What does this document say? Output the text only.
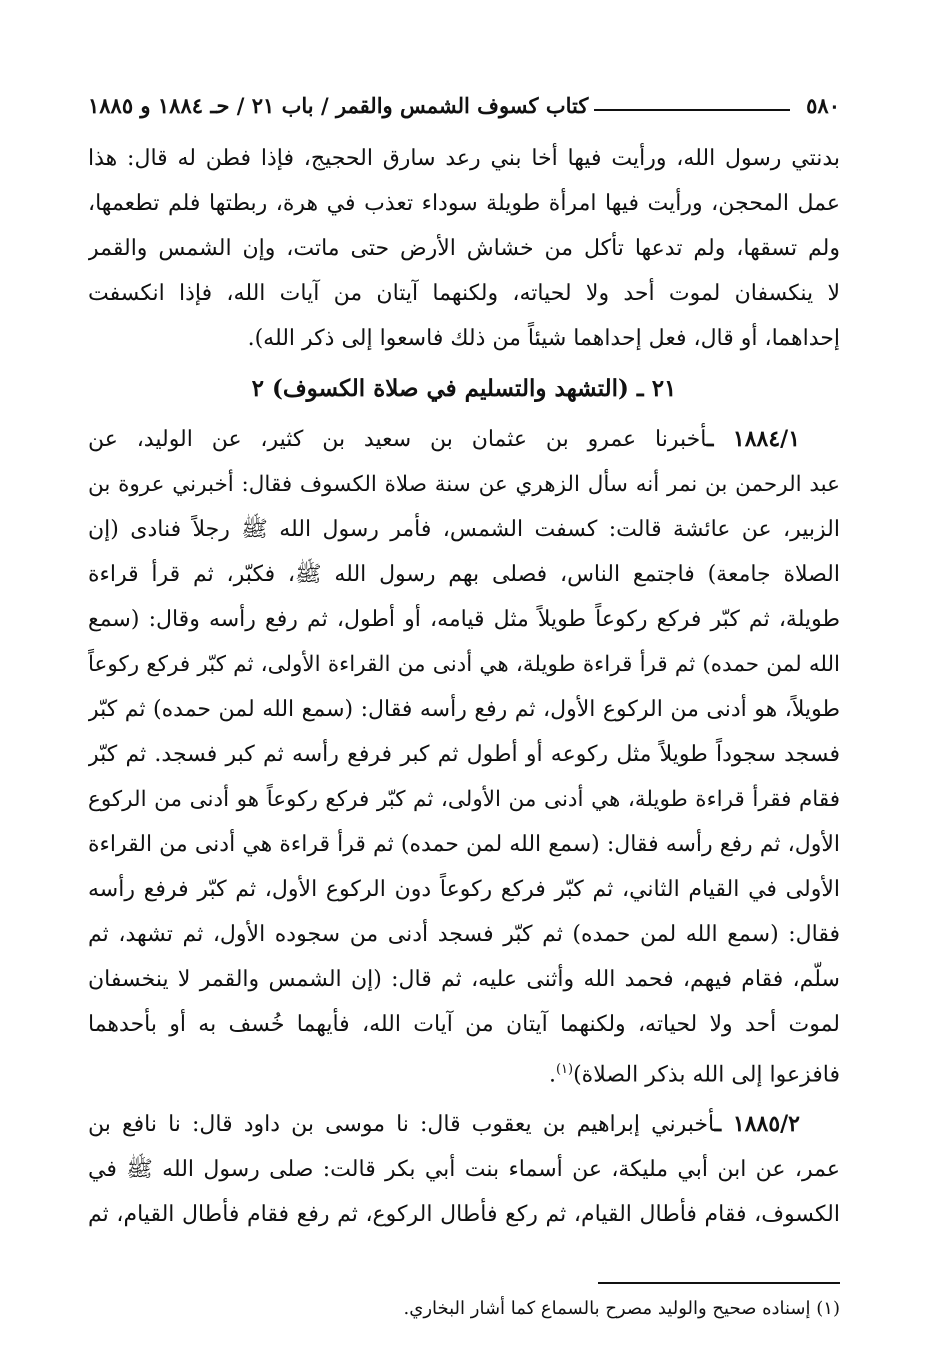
٥٨٠
كتاب كسوف الشمس والقمر / باب ٢١ / حـ ١٨٨٤ و ١٨٨٥
بدنتي رسول الله، ورأيت فيها أخا بني رعد سارق الحجيج، فإذا فطن له قال: هذا
عمل المحجن، ورأيت فيها امرأة طويلة سوداء تعذب في هرة، ربطتها فلم تطعمها،
ولم تسقها، ولم تدعها تأكل من خشاش الأرض حتى ماتت، وإن الشمس والقمر
لا ينكسفان لموت أحد ولا لحياته، ولكنهما آيتان من آيات الله، فإذا انكسفت
إحداهما، أو قال، فعل إحداهما شيئاً من ذلك فاسعوا إلى ذكر الله).
٢١ ـ (التشهد والتسليم في صلاة الكسوف) ٢
١٨٨٤/١ ـأخبرنا عمرو بن عثمان بن سعيد بن كثير، عن الوليد، عن
عبد الرحمن بن نمر أنه سأل الزهري عن سنة صلاة الكسوف فقال: أخبرني عروة بن
الزبير، عن عائشة قالت: كسفت الشمس، فأمر رسول الله ﷺ رجلاً فنادى (إن
الصلاة جامعة) فاجتمع الناس، فصلى بهم رسول الله ﷺ، فكبّر، ثم قرأ قراءة
طويلة، ثم كبّر فركع ركوعاً طويلاً مثل قيامه، أو أطول، ثم رفع رأسه وقال: (سمع
الله لمن حمده) ثم قرأ قراءة طويلة، هي أدنى من القراءة الأولى، ثم كبّر فركع ركوعاً
طويلاً، هو أدنى من الركوع الأول، ثم رفع رأسه فقال: (سمع الله لمن حمده) ثم كبّر
فسجد سجوداً طويلاً مثل ركوعه أو أطول ثم كبر فرفع رأسه ثم كبر فسجد. ثم كبّر
فقام فقرأ قراءة طويلة، هي أدنى من الأولى، ثم كبّر فركع ركوعاً هو أدنى من الركوع
الأول، ثم رفع رأسه فقال: (سمع الله لمن حمده) ثم قرأ قراءة هي أدنى من القراءة
الأولى في القيام الثاني، ثم كبّر فركع ركوعاً دون الركوع الأول، ثم كبّر فرفع رأسه
فقال: (سمع الله لمن حمده) ثم كبّر فسجد أدنى من سجوده الأول، ثم تشهد، ثم
سلّم، فقام فيهم، فحمد الله وأثنى عليه، ثم قال: (إن الشمس والقمر لا ينخسفان
لموت أحد ولا لحياته، ولكنهما آيتان من آيات الله، فأيهما خُسف به أو بأحدهما
فافزعوا إلى الله بذكر الصلاة)$^{(١)}$.
١٨٨٥/٢ ـأخبرني إبراهيم بن يعقوب قال: نا موسى بن داود قال: نا نافع بن
عمر، عن ابن أبي مليكة، عن أسماء بنت أبي بكر قالت: صلى رسول الله ﷺ في
الكسوف، فقام فأطال القيام، ثم ركع فأطال الركوع، ثم رفع فقام فأطال القيام، ثم
(١) إسناده صحيح والوليد مصرح بالسماع كما أشار البخاري.
